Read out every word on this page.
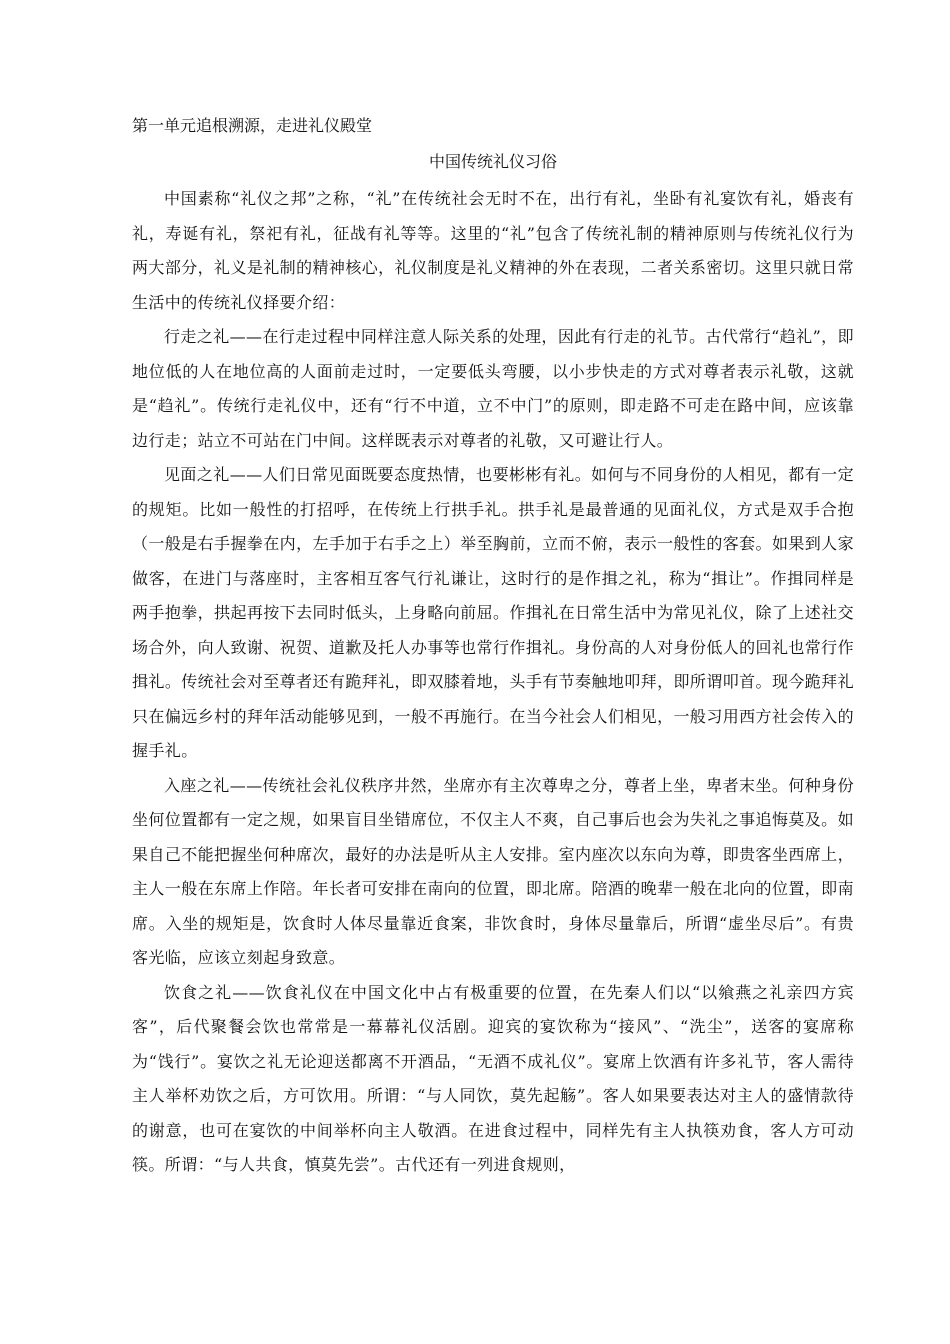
第一单元追根溯源，走进礼仪殿堂

中国传统礼仪习俗

中国素称“礼仪之邦”之称，“礼”在传统社会无时不在，出行有礼，坐卧有礼宴饮有礼，婚丧有礼，寿诞有礼，祭祀有礼，征战有礼等等。这里的“礼”包含了传统礼制的精神原则与传统礼仪行为两大部分，礼义是礼制的精神核心，礼仪制度是礼义精神的外在表现，二者关系密切。这里只就日常生活中的传统礼仪择要介绍：

行走之礼——在行走过程中同样注意人际关系的处理，因此有行走的礼节。古代常行“趋礼”，即地位低的人在地位高的人面前走过时，一定要低头弯腰，以小步快走的方式对尊者表示礼敬，这就是“趋礼”。传统行走礼仪中，还有“行不中道，立不中门”的原则，即走路不可走在路中间，应该靠边行走；站立不可站在门中间。这样既表示对尊者的礼敬，又可避让行人。

见面之礼——人们日常见面既要态度热情，也要彬彬有礼。如何与不同身份的人相见，都有一定的规矩。比如一般性的打招呼，在传统上行拱手礼。拱手礼是最普通的见面礼仪，方式是双手合抱（一般是右手握拳在内，左手加于右手之上）举至胸前，立而不俯，表示一般性的客套。如果到人家做客，在进门与落座时，主客相互客气行礼谦让，这时行的是作揖之礼，称为“揖让”。作揖同样是两手抱拳，拱起再按下去同时低头，上身略向前屈。作揖礼在日常生活中为常见礼仪，除了上述社交场合外，向人致谢、祝贺、道歉及托人办事等也常行作揖礼。身份高的人对身份低人的回礼也常行作揖礼。传统社会对至尊者还有跪拜礼，即双膝着地，头手有节奏触地叩拜，即所谓叩首。现今跪拜礼只在偏远乡村的拜年活动能够见到，一般不再施行。在当今社会人们相见，一般习用西方社会传入的握手礼。

入座之礼——传统社会礼仪秩序井然，坐席亦有主次尊卑之分，尊者上坐，卑者末坐。何种身份坐何位置都有一定之规，如果盲目坐错席位，不仅主人不爽，自己事后也会为失礼之事追悔莫及。如果自己不能把握坐何种席次，最好的办法是听从主人安排。室内座次以东向为尊，即贵客坐西席上，主人一般在东席上作陪。年长者可安排在南向的位置，即北席。陪酒的晚辈一般在北向的位置，即南席。入坐的规矩是，饮食时人体尽量靠近食案，非饮食时，身体尽量靠后，所谓“虚坐尽后”。有贵客光临，应该立刻起身致意。

饮食之礼——饮食礼仪在中国文化中占有极重要的位置，在先秦人们以“以飨燕之礼亲四方宾客”，后代聚餐会饮也常常是一幕幕礼仪活剧。迎宾的宴饮称为“接风”、“洗尘”，送客的宴席称为“饯行”。宴饮之礼无论迎送都离不开酒品，“无酒不成礼仪”。宴席上饮酒有许多礼节，客人需待主人举杯劝饮之后，方可饮用。所谓：“与人同饮，莫先起觞”。客人如果要表达对主人的盛情款待的谢意，也可在宴饮的中间举杯向主人敬酒。在进食过程中，同样先有主人执筷劝食，客人方可动筷。所谓：“与人共食，慎莫先尝”。古代还有一列进食规则，
